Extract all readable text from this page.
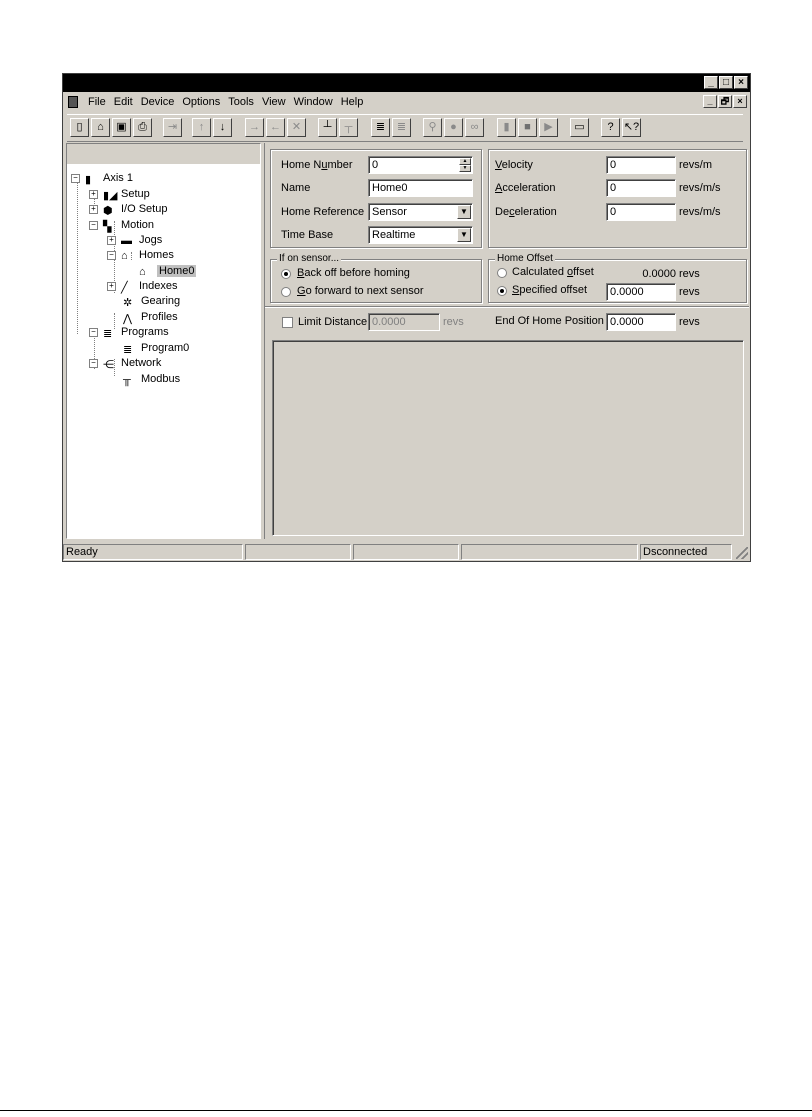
_ □ ×
File Edit Device Options Tools View Window Help	_ 🗗 ×
▯	⌂	▣	⎙	⇥	↑	↓	→ ← ✕	┴	┬	≣	≣	⚲	●	∞	▮	■	▶	▭	? ↖?
− ▮	Axis 1
+ ▮◢ Setup
+ ⬢ I/O Setup
− ▚ Motion
+ ▬ Jogs
− ⌂	Homes
⌂	Home0
+ ╱	Indexes
✲ Gearing
⋀ Profiles
− ≣ Programs
≣ Program0
− ⋲ Network
╥ Modbus
Home Number	0	▲
▼
Name	Home0
Home Reference Sensor	▼
Time Base	Realtime	▼
Velocity	0	revs/m
Acceleration	0	revs/m/s
Deceleration	0	revs/m/s
If on sensor...
Back off before homing
Go forward to next sensor
Home Offset
Calculated offset	0.0000 revs
Specified offset	0.0000	revs
Limit Distance 0.0000	revs	End Of Home Position 0.0000	revs
Ready	Dsconnected
